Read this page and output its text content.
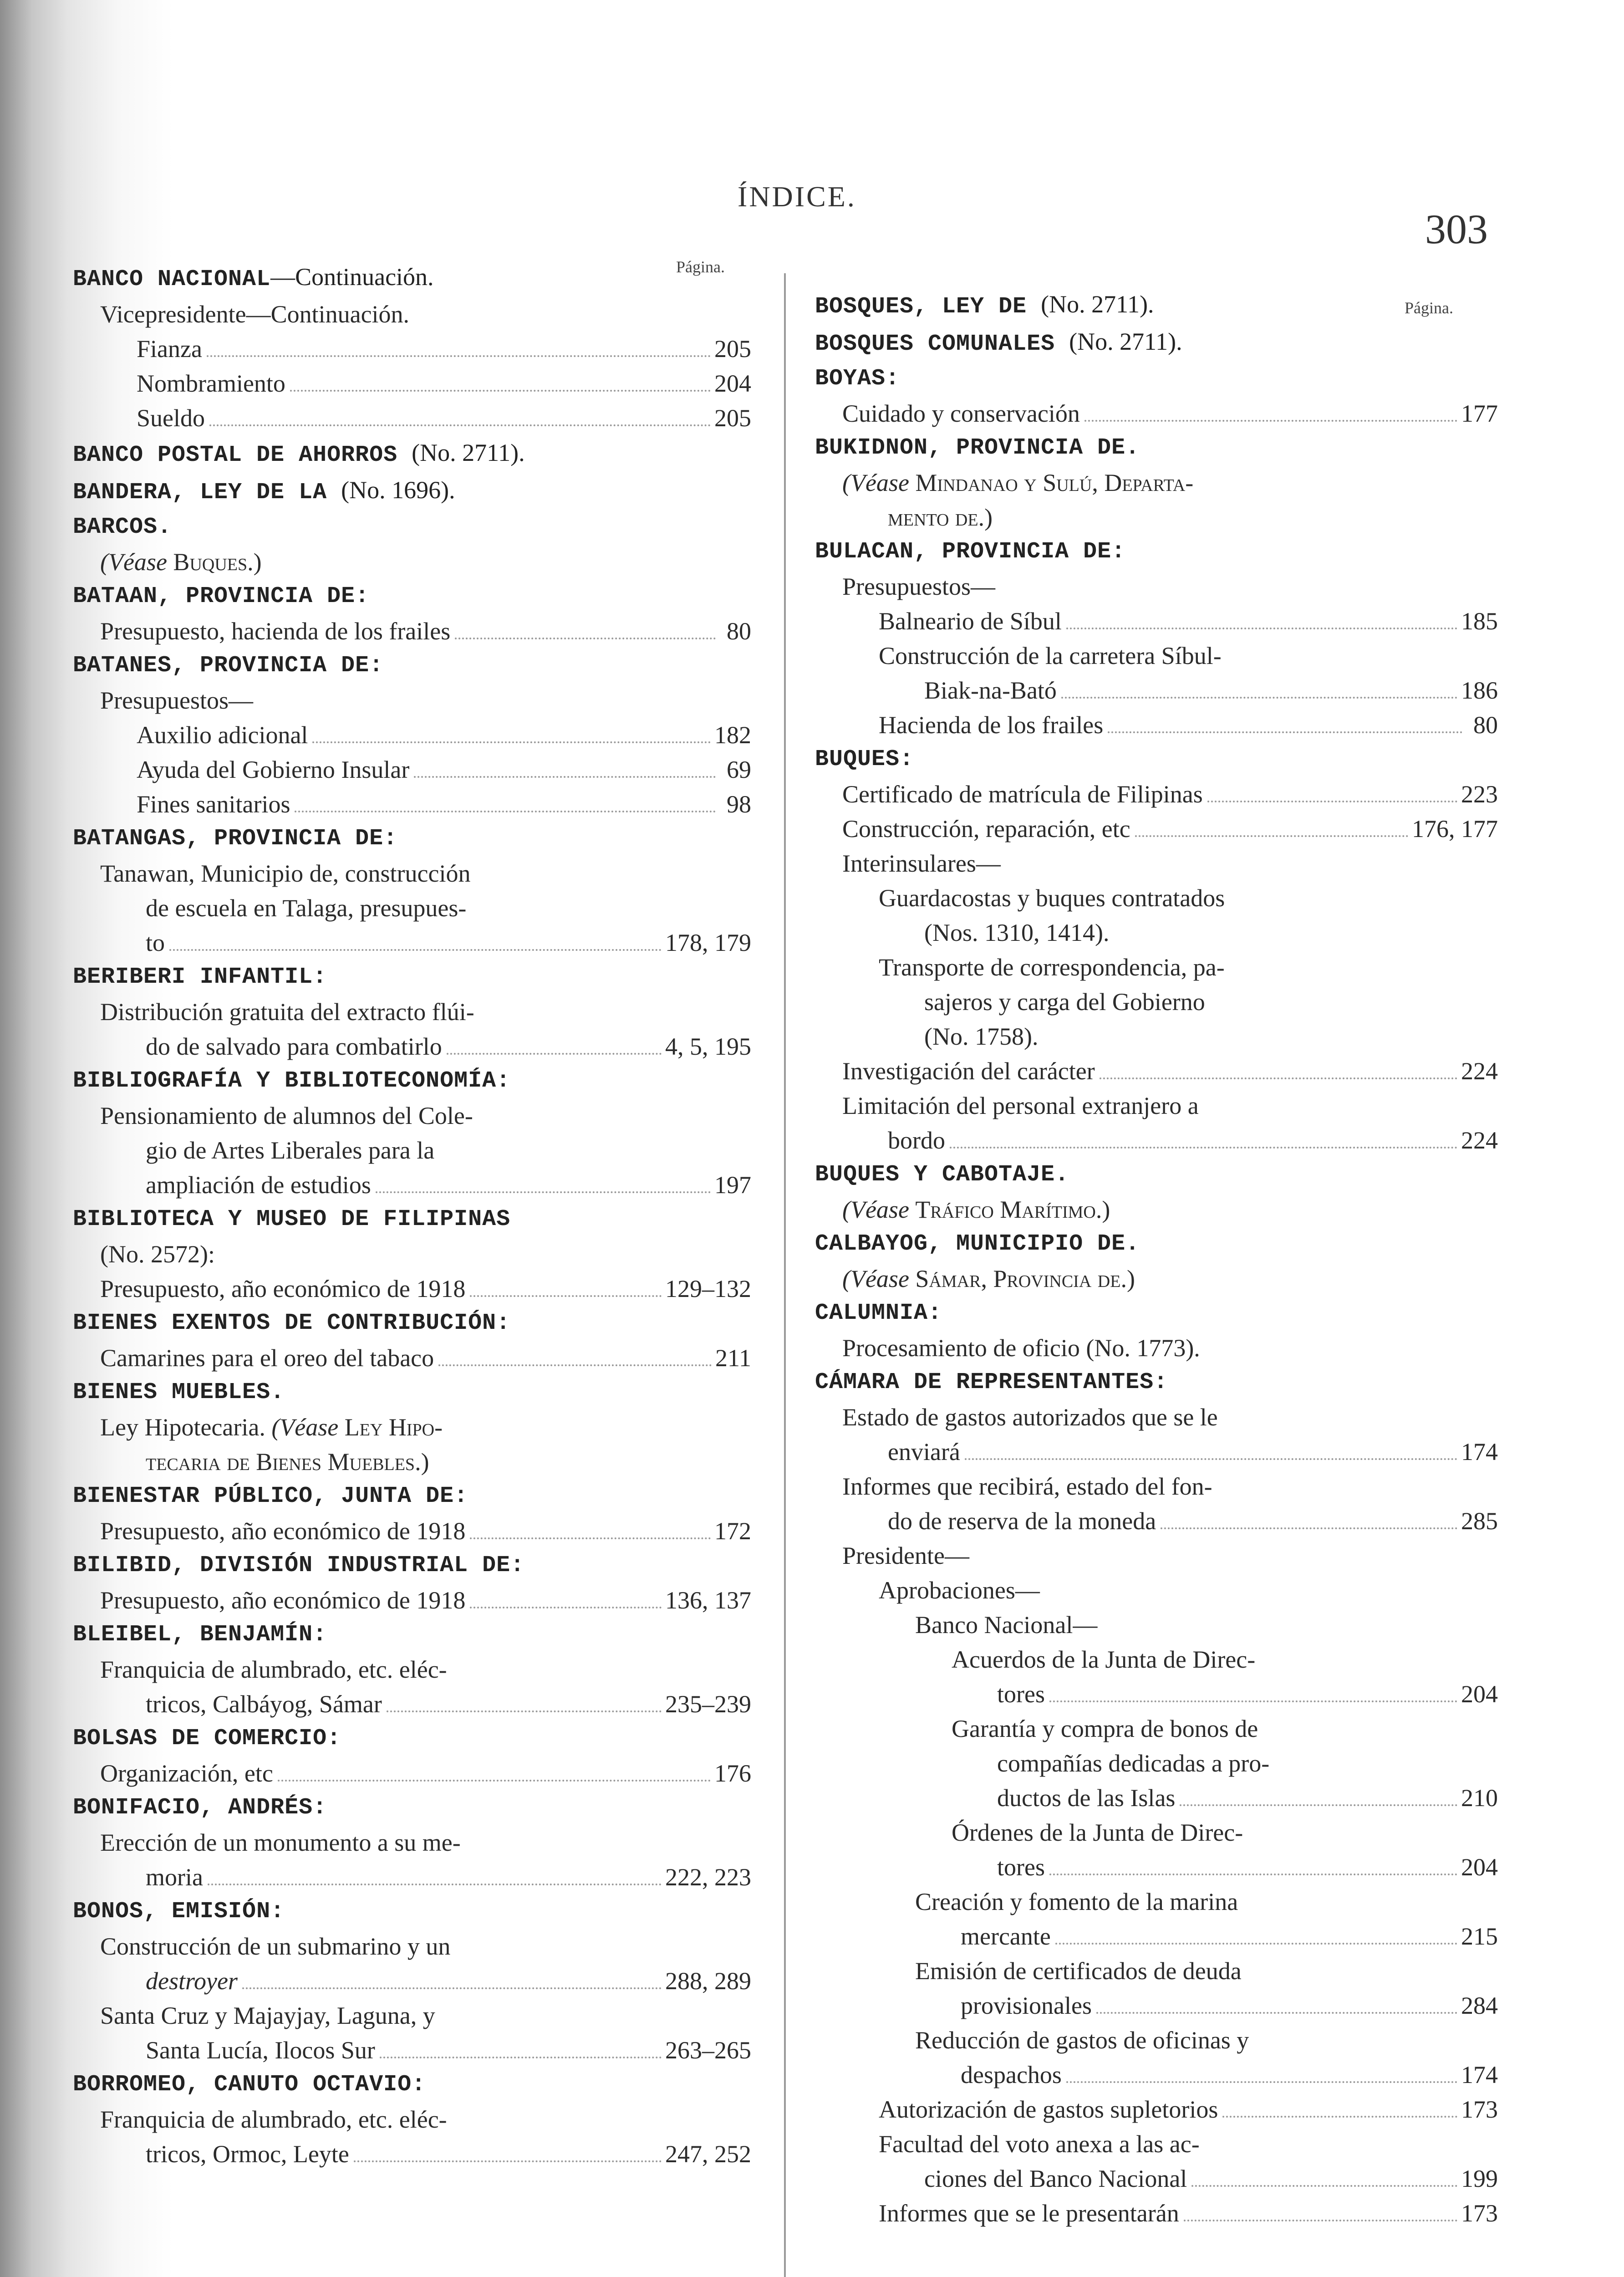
ÍNDICE.
303
Página.
Página.
BANCO NACIONAL—Continuación.
Vicepresidente—Continuación.
Fianza	205
Nombramiento	204
Sueldo	205
BANCO POSTAL DE AHORROS (No. 2711).
BANDERA, LEY DE LA (No. 1696).
BARCOS.
(Véase Buques.)
BATAAN, PROVINCIA DE:
Presupuesto, hacienda de los frailes	80
BATANES, PROVINCIA DE:
Presupuestos—
Auxilio adicional	182
Ayuda del Gobierno Insular	69
Fines sanitarios	98
BATANGAS, PROVINCIA DE:
Tanawan, Municipio de, construcción
de escuela en Talaga, presupues-
to	178, 179
BERIBERI INFANTIL:
Distribución gratuita del extracto flúi-
do de salvado para combatirlo	4, 5, 195
BIBLIOGRAFÍA Y BIBLIOTECONOMÍA:
Pensionamiento de alumnos del Cole-
gio de Artes Liberales para la
ampliación de estudios	197
BIBLIOTECA Y MUSEO DE FILIPINAS
(No. 2572):
Presupuesto, año económico de 1918	129–132
BIENES EXENTOS DE CONTRIBUCIÓN:
Camarines para el oreo del tabaco	211
BIENES MUEBLES.
Ley Hipotecaria. (Véase Ley Hipo-
tecaria de Bienes Muebles.)
BIENESTAR PÚBLICO, JUNTA DE:
Presupuesto, año económico de 1918	172
BILIBID, DIVISIÓN INDUSTRIAL DE:
Presupuesto, año económico de 1918	136, 137
BLEIBEL, BENJAMÍN:
Franquicia de alumbrado, etc. eléc-
tricos, Calbáyog, Sámar	235–239
BOLSAS DE COMERCIO:
Organización, etc	176
BONIFACIO, ANDRÉS:
Erección de un monumento a su me-
moria	222, 223
BONOS, EMISIÓN:
Construcción de un submarino y un
destroyer	288, 289
Santa Cruz y Majayjay, Laguna, y
Santa Lucía, Ilocos Sur	263–265
BORROMEO, CANUTO OCTAVIO:
Franquicia de alumbrado, etc. eléc-
tricos, Ormoc, Leyte	247, 252
BOSQUES, LEY DE (No. 2711).
BOSQUES COMUNALES (No. 2711).
BOYAS:
Cuidado y conservación	177
BUKIDNON, PROVINCIA DE.
(Véase Mindanao y Sulú, Departa-
mento de.)
BULACAN, PROVINCIA DE:
Presupuestos—
Balneario de Síbul	185
Construcción de la carretera Síbul-
Biak-na-Bató	186
Hacienda de los frailes	80
BUQUES:
Certificado de matrícula de Filipinas	223
Construcción, reparación, etc	176, 177
Interinsulares—
Guardacostas y buques contratados
(Nos. 1310, 1414).
Transporte de correspondencia, pa-
sajeros y carga del Gobierno
(No. 1758).
Investigación del carácter	224
Limitación del personal extranjero a
bordo	224
BUQUES Y CABOTAJE.
(Véase Tráfico Marítimo.)
CALBAYOG, MUNICIPIO DE.
(Véase Sámar, Provincia de.)
CALUMNIA:
Procesamiento de oficio (No. 1773).
CÁMARA DE REPRESENTANTES:
Estado de gastos autorizados que se le
enviará	174
Informes que recibirá, estado del fon-
do de reserva de la moneda	285
Presidente—
Aprobaciones—
Banco Nacional—
Acuerdos de la Junta de Direc-
tores	204
Garantía y compra de bonos de
compañías dedicadas a pro-
ductos de las Islas	210
Órdenes de la Junta de Direc-
tores	204
Creación y fomento de la marina
mercante	215
Emisión de certificados de deuda
provisionales	284
Reducción de gastos de oficinas y
despachos	174
Autorización de gastos supletorios	173
Facultad del voto anexa a las ac-
ciones del Banco Nacional	199
Informes que se le presentarán	173
